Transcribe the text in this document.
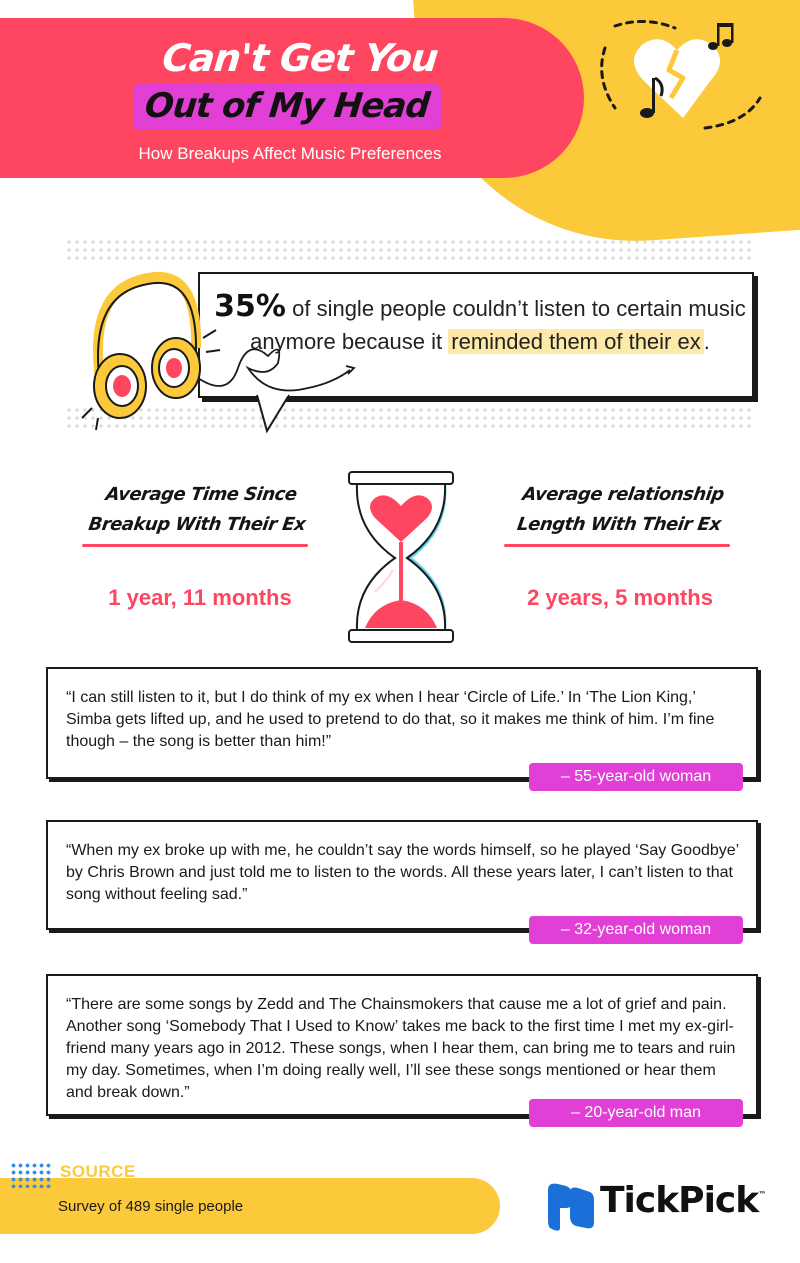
Can't Get You
Out of My Head
How Breakups Affect Music Preferences
35% of single people couldn’t listen to certain music anymore because it reminded them of their ex .
Average Time Since
Breakup With Their Ex
1 year, 11 months
Average relationship
Length With Their Ex
2 years, 5 months
“I can still listen to it, but I do think of my ex when I hear ‘Circle of Life.’ In ‘The Lion King,’ Simba gets lifted up, and he used to pretend to do that, so it makes me think of him. I’m fine though – the song is better than him!”
– 55-year-old woman
“When my ex broke up with me, he couldn’t say the words himself, so he played ‘Say Goodbye’ by Chris Brown and just told me to listen to the words. All these years later, I can’t listen to that song without feeling sad.”
– 32-year-old woman
“There are some songs by Zedd and The Chainsmokers that cause me a lot of grief and pain. Another song ‘Somebody That I Used to Know’ takes me back to the first time I met my ex-girl-friend many years ago in 2012. These songs, when I hear them, can bring me to tears and ruin my day. Sometimes, when I’m doing really well, I’ll see these songs mentioned or hear them and break down.”
– 20-year-old man
SOURCE
Survey of 489 single people	TickPick™
